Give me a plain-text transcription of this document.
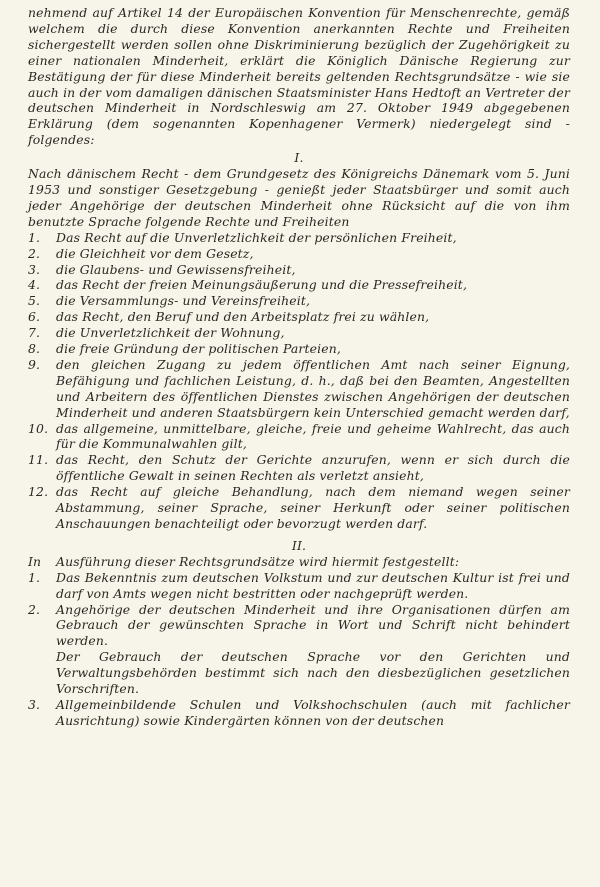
nehmend auf Artikel 14 der Europäischen Konvention für Menschenrechte, gemäß welchem die durch diese Konvention anerkannten Rechte und Freiheiten sichergestellt werden sollen ohne Diskriminierung bezüglich der Zugehörigkeit zu einer nationalen Minderheit, erklärt die Königlich Dänische Regierung zur Bestätigung der für diese Minderheit bereits geltenden Rechtsgrundsätze - wie sie auch in der vom damaligen dänischen Staatsminister Hans Hedtoft an Vertreter der deutschen Minderheit in Nordschleswig am 27. Oktober 1949 abgegebenen Erklärung (dem sogenannten Kopenhagener Vermerk) niedergelegt sind - folgendes:
I.
Nach dänischem Recht - dem Grundgesetz des Königreichs Dänemark vom 5. Juni 1953 und sonstiger Gesetzgebung - genießt jeder Staatsbürger und somit auch jeder Angehörige der deutschen Minderheit ohne Rücksicht auf die von ihm benutzte Sprache folgende Rechte und Freiheiten
1.	Das Recht auf die Unverletzlichkeit der persönlichen Freiheit,
2.	die Gleichheit vor dem Gesetz,
3.	die Glaubens- und Gewissensfreiheit,
4.	das Recht der freien Meinungsäußerung und die Pressefreiheit,
5.	die Versammlungs- und Vereinsfreiheit,
6.	das Recht, den Beruf und den Arbeitsplatz frei zu wählen,
7.	die Unverletzlichkeit der Wohnung,
8.	die freie Gründung der politischen Parteien,
9.	den gleichen Zugang zu jedem öffentlichen Amt nach seiner Eignung, Befähigung und fachlichen Leistung, d. h., daß bei den Beamten, Angestellten und Arbeitern des öffentlichen Dienstes zwischen Angehörigen der deutschen Minderheit und anderen Staatsbürgern kein Unterschied gemacht werden darf,
10. das allgemeine, unmittelbare, gleiche, freie und geheime Wahlrecht, das auch für die Kommunalwahlen gilt,
11. das Recht, den Schutz der Gerichte anzurufen, wenn er sich durch die öffentliche Gewalt in seinen Rechten als verletzt ansieht,
12. das Recht auf gleiche Behandlung, nach dem niemand wegen seiner Abstammung, seiner Sprache, seiner Herkunft oder seiner politischen Anschauungen benachteiligt oder bevorzugt werden darf.
II.
In	Ausführung dieser Rechtsgrundsätze wird hiermit festgestellt:
1.	Das Bekenntnis zum deutschen Volkstum und zur deutschen Kultur ist frei und darf von Amts wegen nicht bestritten oder nachgeprüft werden.
2.	Angehörige der deutschen Minderheit und ihre Organisationen dürfen am Gebrauch der gewünschten Sprache in Wort und Schrift nicht behindert werden.
Der Gebrauch der deutschen Sprache vor den Gerichten und Verwaltungsbehörden bestimmt sich nach den diesbezüglichen gesetzlichen Vorschriften.
3.	Allgemeinbildende Schulen und Volkshochschulen (auch mit fachlicher Ausrichtung) sowie Kindergärten können von der deutschen
